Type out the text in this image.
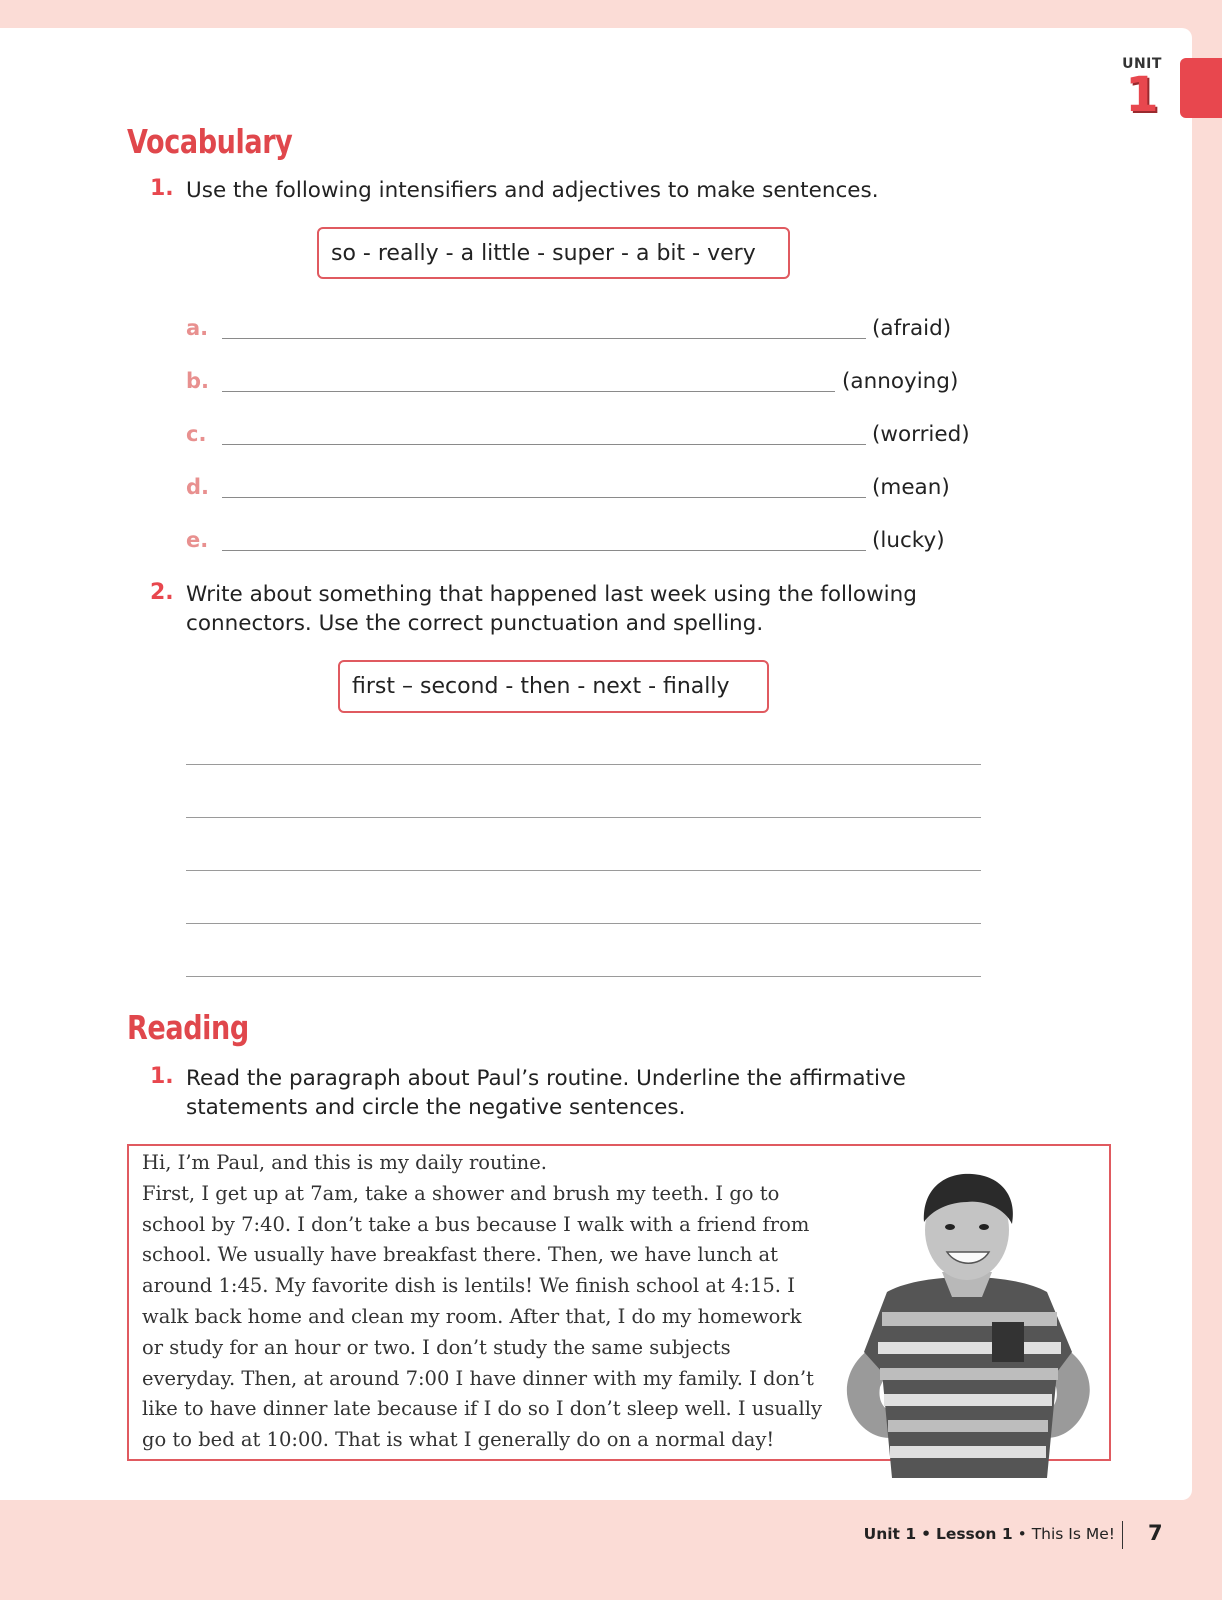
UNIT
1
Vocabulary
1. Use the following intensifiers and adjectives to make sentences.
so - really - a little - super - a bit - very
a.	(afraid)
b.	(annoying)
c.	(worried)
d.	(mean)
e.	(lucky)
2. Write about something that happened last week using the following
connectors. Use the correct punctuation and spelling.
first – second - then - next - finally
Reading
1. Read the paragraph about Paul’s routine. Underline the affirmative
statements and circle the negative sentences.
Hi, I’m Paul, and this is my daily routine.
First, I get up at 7am, take a shower and brush my teeth. I go to
school by 7:40. I don’t take a bus because I walk with a friend from
school. We usually have breakfast there. Then, we have lunch at
around 1:45. My favorite dish is lentils! We finish school at 4:15. I
walk back home and clean my room. After that, I do my homework
or study for an hour or two. I don’t study the same subjects
everyday. Then, at around 7:00 I have dinner with my family. I don’t
like to have dinner late because if I do so I don’t sleep well. I usually
go to bed at 10:00. That is what I generally do on a normal day!
Unit 1 • Lesson 1 • This Is Me! 7
